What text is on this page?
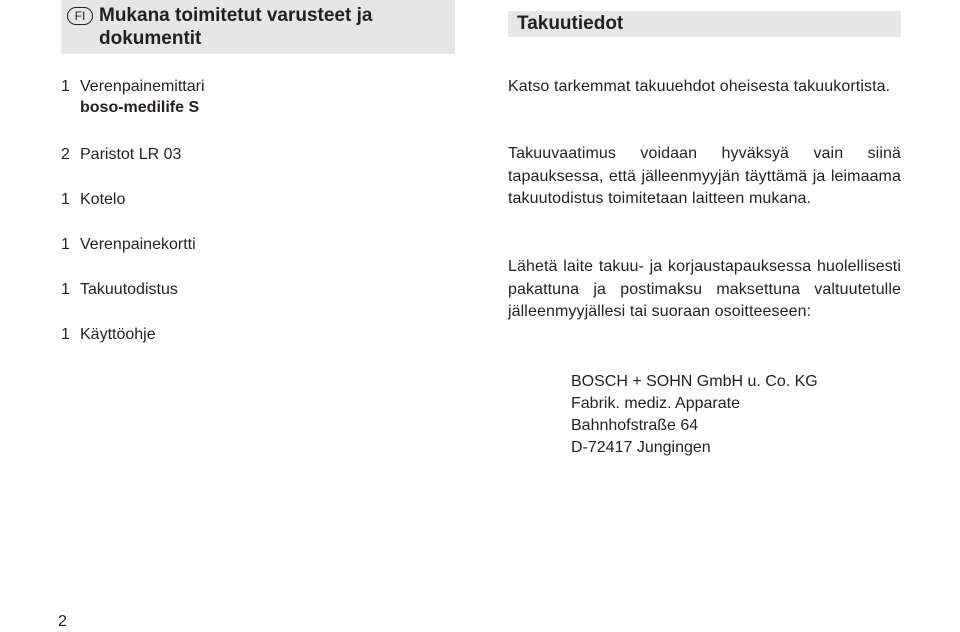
FI Mukana toimitetut varusteet ja dokumentit
Takuutiedot
1 Verenpainemittari
boso-medilife S
2 Paristot LR 03
1 Kotelo
1 Verenpainekortti
1 Takuutodistus
1 Käyttöohje
Katso tarkemmat takuuehdot oheisesta takuukortista.
Takuuvaatimus voidaan hyväksyä vain siinä tapauksessa, että jälleenmyyjän täyttämä ja leimaama takuutodistus toimitetaan laitteen mukana.
Lähetä laite takuu- ja korjaustapauksessa huolellisesti pakattuna ja postimaksu maksettuna valtuutetulle jälleenmyyjällesi tai suoraan osoitteeseen:
BOSCH + SOHN GmbH u. Co. KG
Fabrik. mediz. Apparate
Bahnhofstraße 64
D-72417 Jungingen
2
